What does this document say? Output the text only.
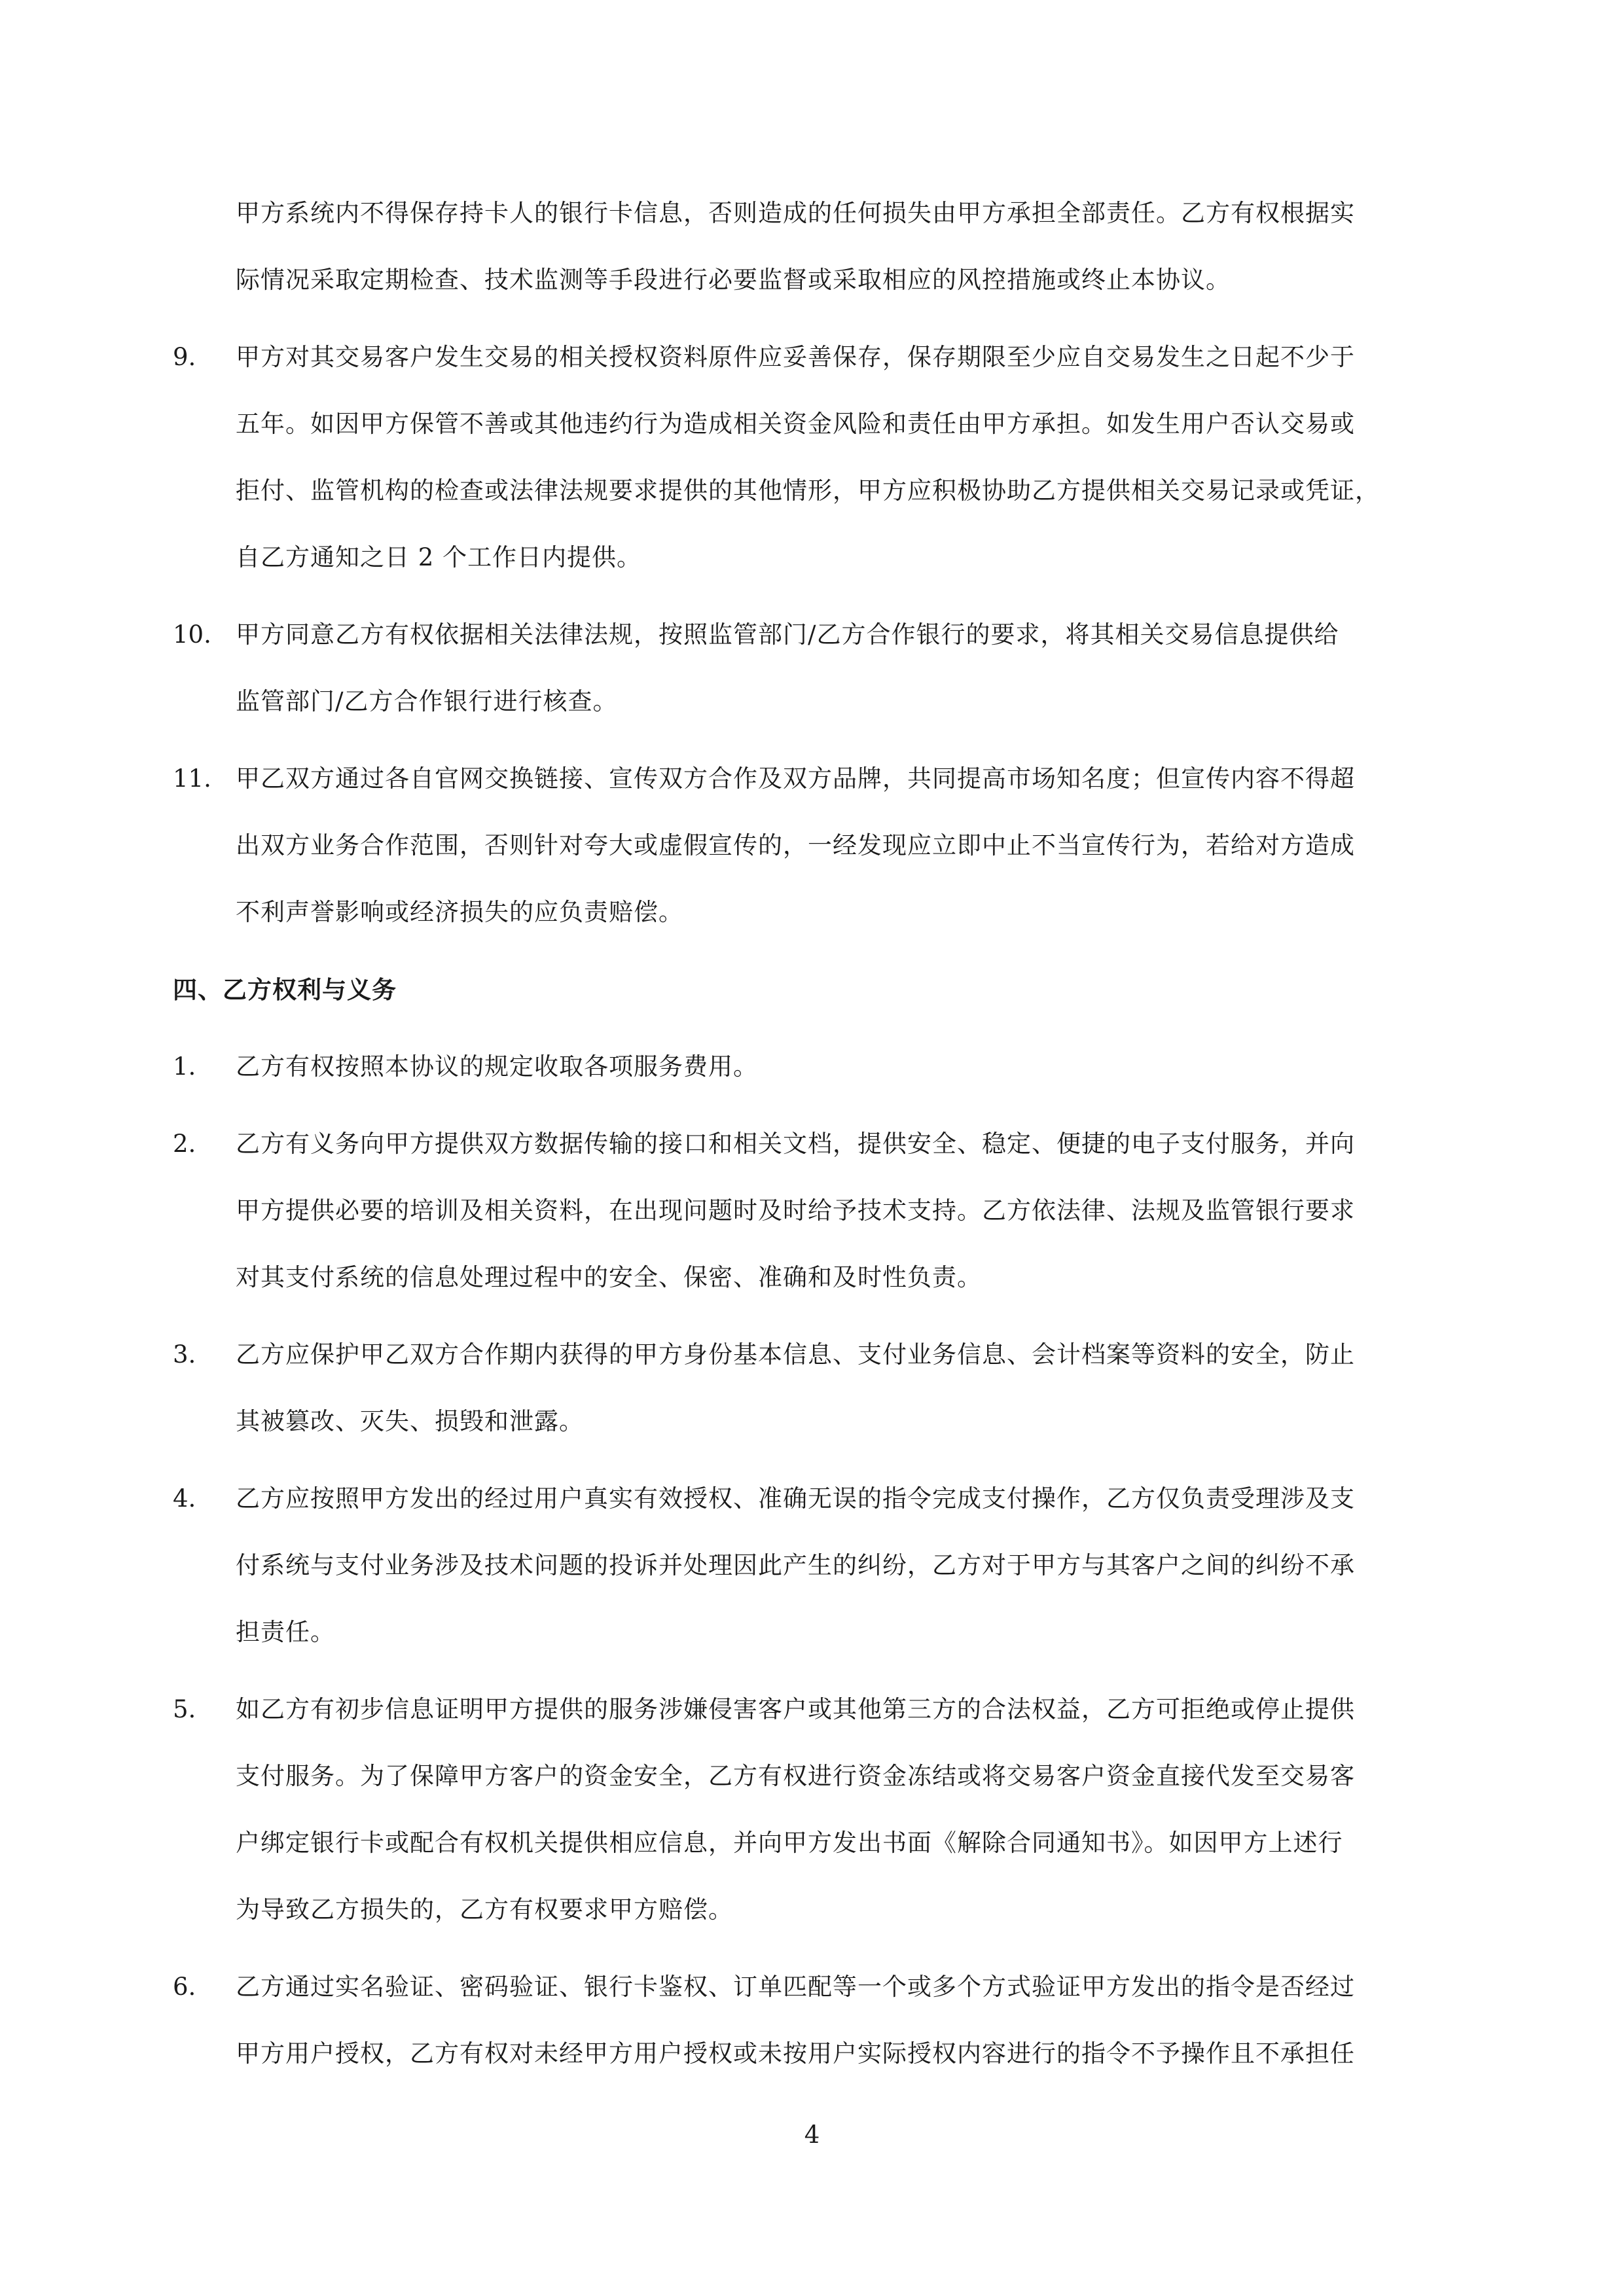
甲方系统内不得保存持卡人的银行卡信息，否则造成的任何损失由甲方承担全部责任。乙方有权根据实
际情况采取定期检查、技术监测等手段进行必要监督或采取相应的风控措施或终止本协议。
9. 甲方对其交易客户发生交易的相关授权资料原件应妥善保存，保存期限至少应自交易发生之日起不少于
五年。如因甲方保管不善或其他违约行为造成相关资金风险和责任由甲方承担。如发生用户否认交易或
拒付、监管机构的检查或法律法规要求提供的其他情形，甲方应积极协助乙方提供相关交易记录或凭证，
自乙方通知之日 2 个工作日内提供。
10. 甲方同意乙方有权依据相关法律法规，按照监管部门/乙方合作银行的要求，将其相关交易信息提供给
监管部门/乙方合作银行进行核查。
11. 甲乙双方通过各自官网交换链接、宣传双方合作及双方品牌，共同提高市场知名度；但宣传内容不得超
出双方业务合作范围，否则针对夸大或虚假宣传的，一经发现应立即中止不当宣传行为，若给对方造成
不利声誉影响或经济损失的应负责赔偿。
四、乙方权利与义务
1. 乙方有权按照本协议的规定收取各项服务费用。
2. 乙方有义务向甲方提供双方数据传输的接口和相关文档，提供安全、稳定、便捷的电子支付服务，并向
甲方提供必要的培训及相关资料，在出现问题时及时给予技术支持。乙方依法律、法规及监管银行要求
对其支付系统的信息处理过程中的安全、保密、准确和及时性负责。
3. 乙方应保护甲乙双方合作期内获得的甲方身份基本信息、支付业务信息、会计档案等资料的安全，防止
其被篡改、灭失、损毁和泄露。
4. 乙方应按照甲方发出的经过用户真实有效授权、准确无误的指令完成支付操作，乙方仅负责受理涉及支
付系统与支付业务涉及技术问题的投诉并处理因此产生的纠纷，乙方对于甲方与其客户之间的纠纷不承
担责任。
5. 如乙方有初步信息证明甲方提供的服务涉嫌侵害客户或其他第三方的合法权益，乙方可拒绝或停止提供
支付服务。为了保障甲方客户的资金安全，乙方有权进行资金冻结或将交易客户资金直接代发至交易客
户绑定银行卡或配合有权机关提供相应信息，并向甲方发出书面《解除合同通知书》。如因甲方上述行
为导致乙方损失的，乙方有权要求甲方赔偿。
6. 乙方通过实名验证、密码验证、银行卡鉴权、订单匹配等一个或多个方式验证甲方发出的指令是否经过
甲方用户授权，乙方有权对未经甲方用户授权或未按用户实际授权内容进行的指令不予操作且不承担任
4
